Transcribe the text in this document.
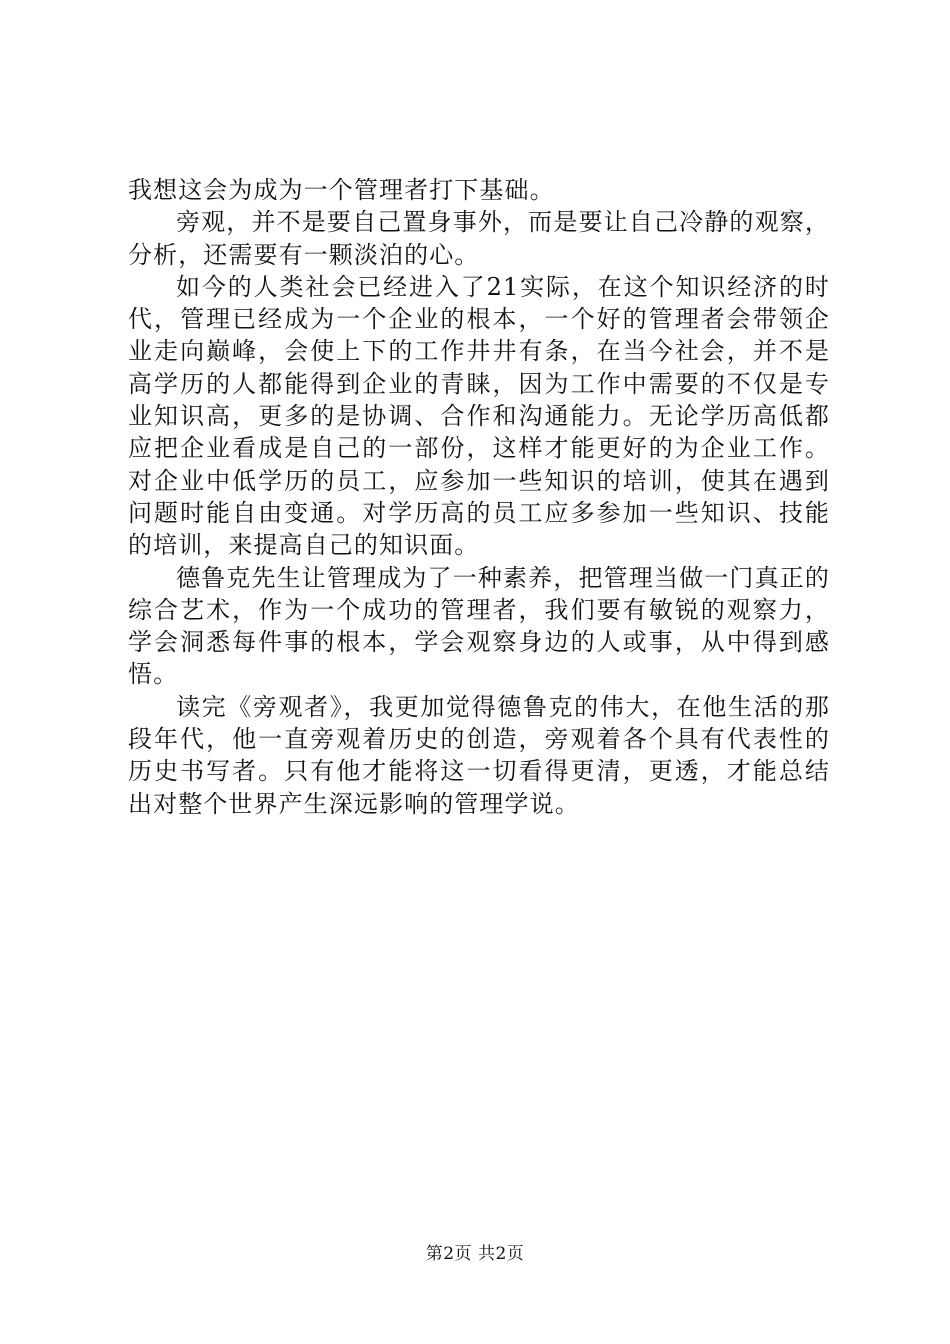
我想这会为成为一个管理者打下基础。

旁观，并不是要自己置身事外，而是要让自己冷静的观察，分析，还需要有一颗淡泊的心。

如今的人类社会已经进入了21实际，在这个知识经济的时代，管理已经成为一个企业的根本，一个好的管理者会带领企业走向巅峰，会使上下的工作井井有条，在当今社会，并不是高学历的人都能得到企业的青睐，因为工作中需要的不仅是专业知识高，更多的是协调、合作和沟通能力。无论学历高低都应把企业看成是自己的一部份，这样才能更好的为企业工作。对企业中低学历的员工，应参加一些知识的培训，使其在遇到问题时能自由变通。对学历高的员工应多参加一些知识、技能的培训，来提高自己的知识面。

德鲁克先生让管理成为了一种素养，把管理当做一门真正的综合艺术，作为一个成功的管理者，我们要有敏锐的观察力，学会洞悉每件事的根本，学会观察身边的人或事，从中得到感悟。

读完《旁观者》，我更加觉得德鲁克的伟大，在他生活的那段年代，他一直旁观着历史的创造，旁观着各个具有代表性的历史书写者。只有他才能将这一切看得更清，更透，才能总结出对整个世界产生深远影响的管理学说。

第2页 共2页
